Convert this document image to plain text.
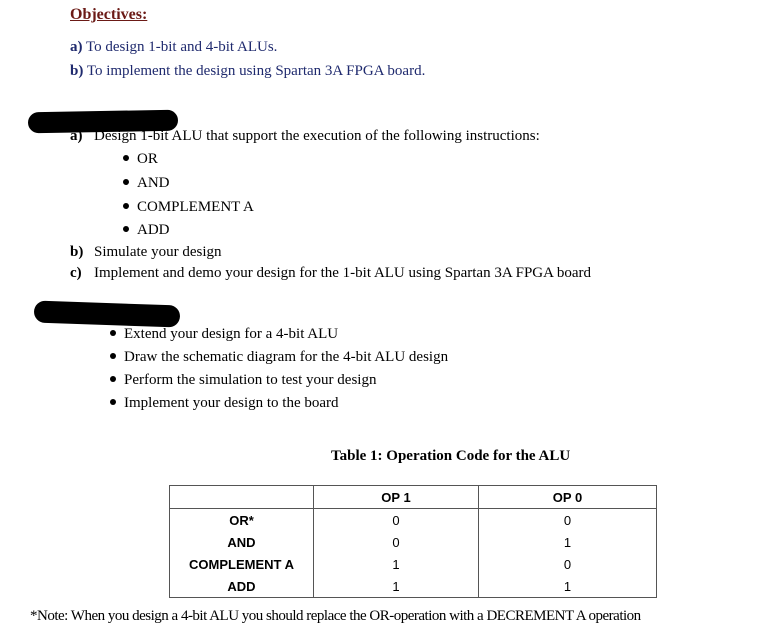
Objectives:
a) To design 1-bit and 4-bit ALUs.
b) To implement the design using Spartan 3A FPGA board.
a) Design 1-bit ALU that support the execution of the following instructions:
OR
AND
COMPLEMENT A
ADD
b) Simulate your design
c) Implement and demo your design for the 1-bit ALU using Spartan 3A FPGA board
Extend your design for a 4-bit ALU
Draw the schematic diagram for the 4-bit ALU design
Perform the simulation to test your design
Implement your design to the board
Table 1: Operation Code for the ALU
	OP 1	OP 0
OR*	0	0
AND	0	1
COMPLEMENT A	1	0
ADD	1	1
*Note: When you design a 4-bit ALU you should replace the OR-operation with a DECREMENT A operation
